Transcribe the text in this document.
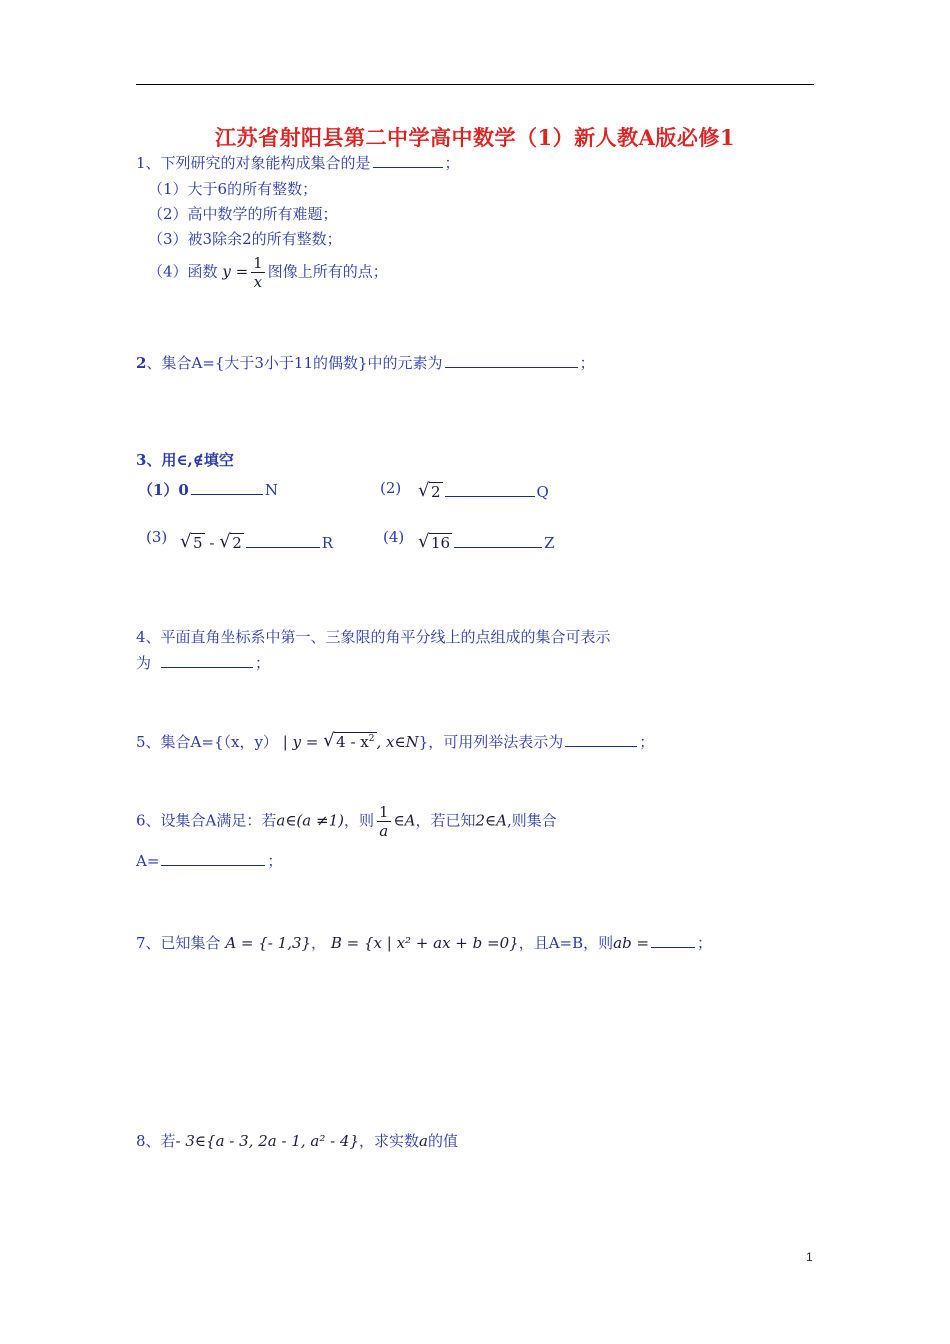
江苏省射阳县第二中学高中数学（1）新人教A版必修1
1、下列研究的对象能构成集合的是	；
（1）大于6的所有整数；
（2）高中数学的所有难题；
（3）被3除余2的所有整数；
（4）函数 $y = \frac{1}{x}$ 图像上所有的点；
2、集合A={大于3小于11的偶数}中的元素为	；
3、用∈,∉填空
（1）0	N	(2) √ 2	Q
(3) √ 5 - √ 2	R	(4) √ 16	Z
4、平面直角坐标系中第一、三象限的角平分线上的点组成的集合可表示
为	；
5、集合A={（x，y） | y = √ $4 - x^2$ , x∈N}，可用列举法表示为	；
6、设集合A满足：若a∈(a ≠1)，则 $\frac{1}{a}$ ∈A，若已知2∈A,则集合
A=	；
7、已知集合 A = {- 1,3}， B = {x | x² + ax + b =0}，且A=B，则ab =	；
8、若- 3∈{a - 3, 2a - 1, a² - 4}，求实数a的值
1
